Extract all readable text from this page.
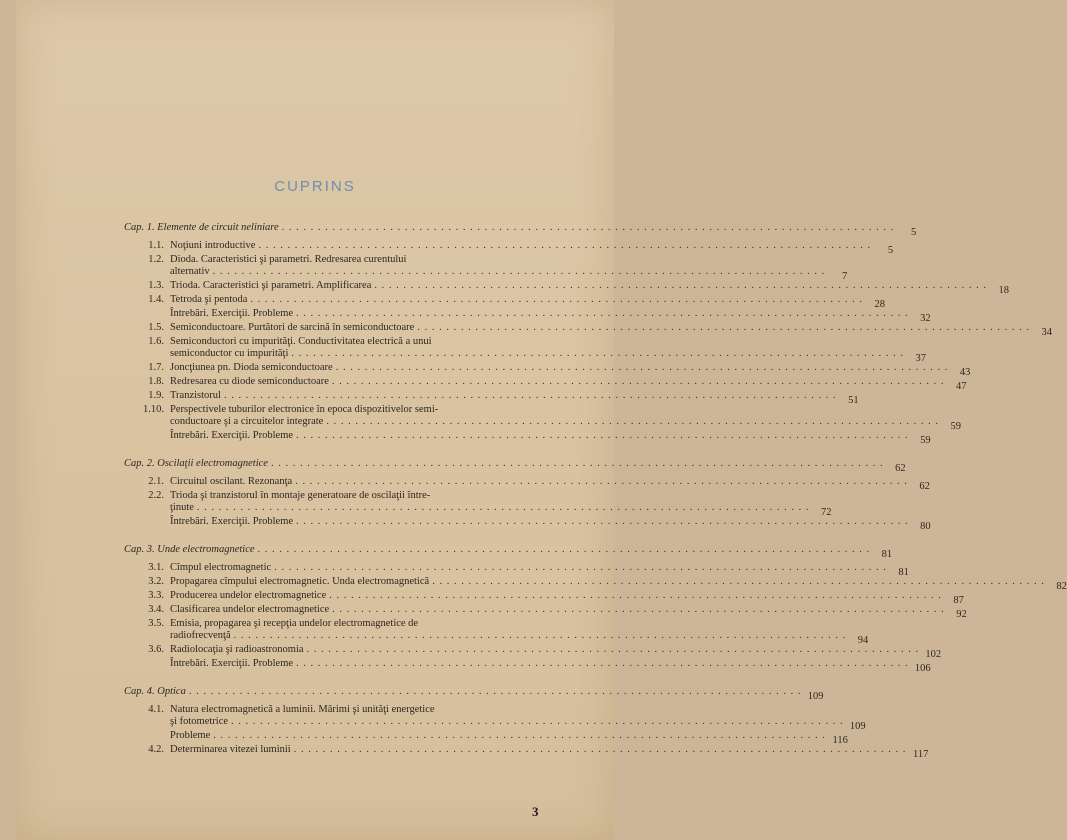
CUPRINS
Cap. 1. Elemente de circuit neliniare . . .	5
1.1. Noţiuni introductive . . .	5
1.2. Dioda. Caracteristici şi parametri. Redresarea curentului
alternativ . . .	7
1.3. Trioda. Caracteristici şi parametri. Amplificarea . . .	18
1.4. Tetroda şi pentoda . . .	28
Întrebări. Exerciţii. Probleme . . .	32
1.5. Semiconductoare. Purtători de sarcină în semiconductoare . . .	34
1.6. Semiconductori cu impurităţi. Conductivitatea electrică a unui
semiconductor cu impurităţi . . .	37
1.7. Joncţiunea pn. Dioda semiconductoare . . .	43
1.8. Redresarea cu diode semiconductoare . . .	47
1.9. Tranzistorul . . .	51
1.10. Perspectivele tuburilor electronice în epoca dispozitivelor semi-
conductoare şi a circuitelor integrate . . .	59
Întrebări. Exerciţii. Probleme . . .	59
Cap. 2. Oscilaţii electromagnetice . . .	62
2.1. Circuitul oscilant. Rezonanţa . . .	62
2.2. Trioda şi tranzistorul în montaje generatoare de oscilaţii între-
ţinute . . .	72
Întrebări. Exerciţii. Probleme . . .	80
Cap. 3. Unde electromagnetice . . .	81
3.1. Cîmpul electromagnetic . . .	81
3.2. Propagarea cîmpului electromagnetic. Unda electromagnetică . . .	82
3.3. Producerea undelor electromagnetice . . .	87
3.4. Clasificarea undelor electromagnetice . . .	92
3.5. Emisia, propagarea şi recepţia undelor electromagnetice de
radiofrecvenţă . . .	94
3.6. Radiolocaţia şi radioastronomia . . .	102
Întrebări. Exerciţii. Probleme . . .	106
Cap. 4. Optica . . .	109
4.1. Natura electromagnetică a luminii. Mărimi şi unităţi energetice
şi fotometrice . . .	109
Probleme . . .	116
4.2. Determinarea vitezei luminii . . .	117
3
